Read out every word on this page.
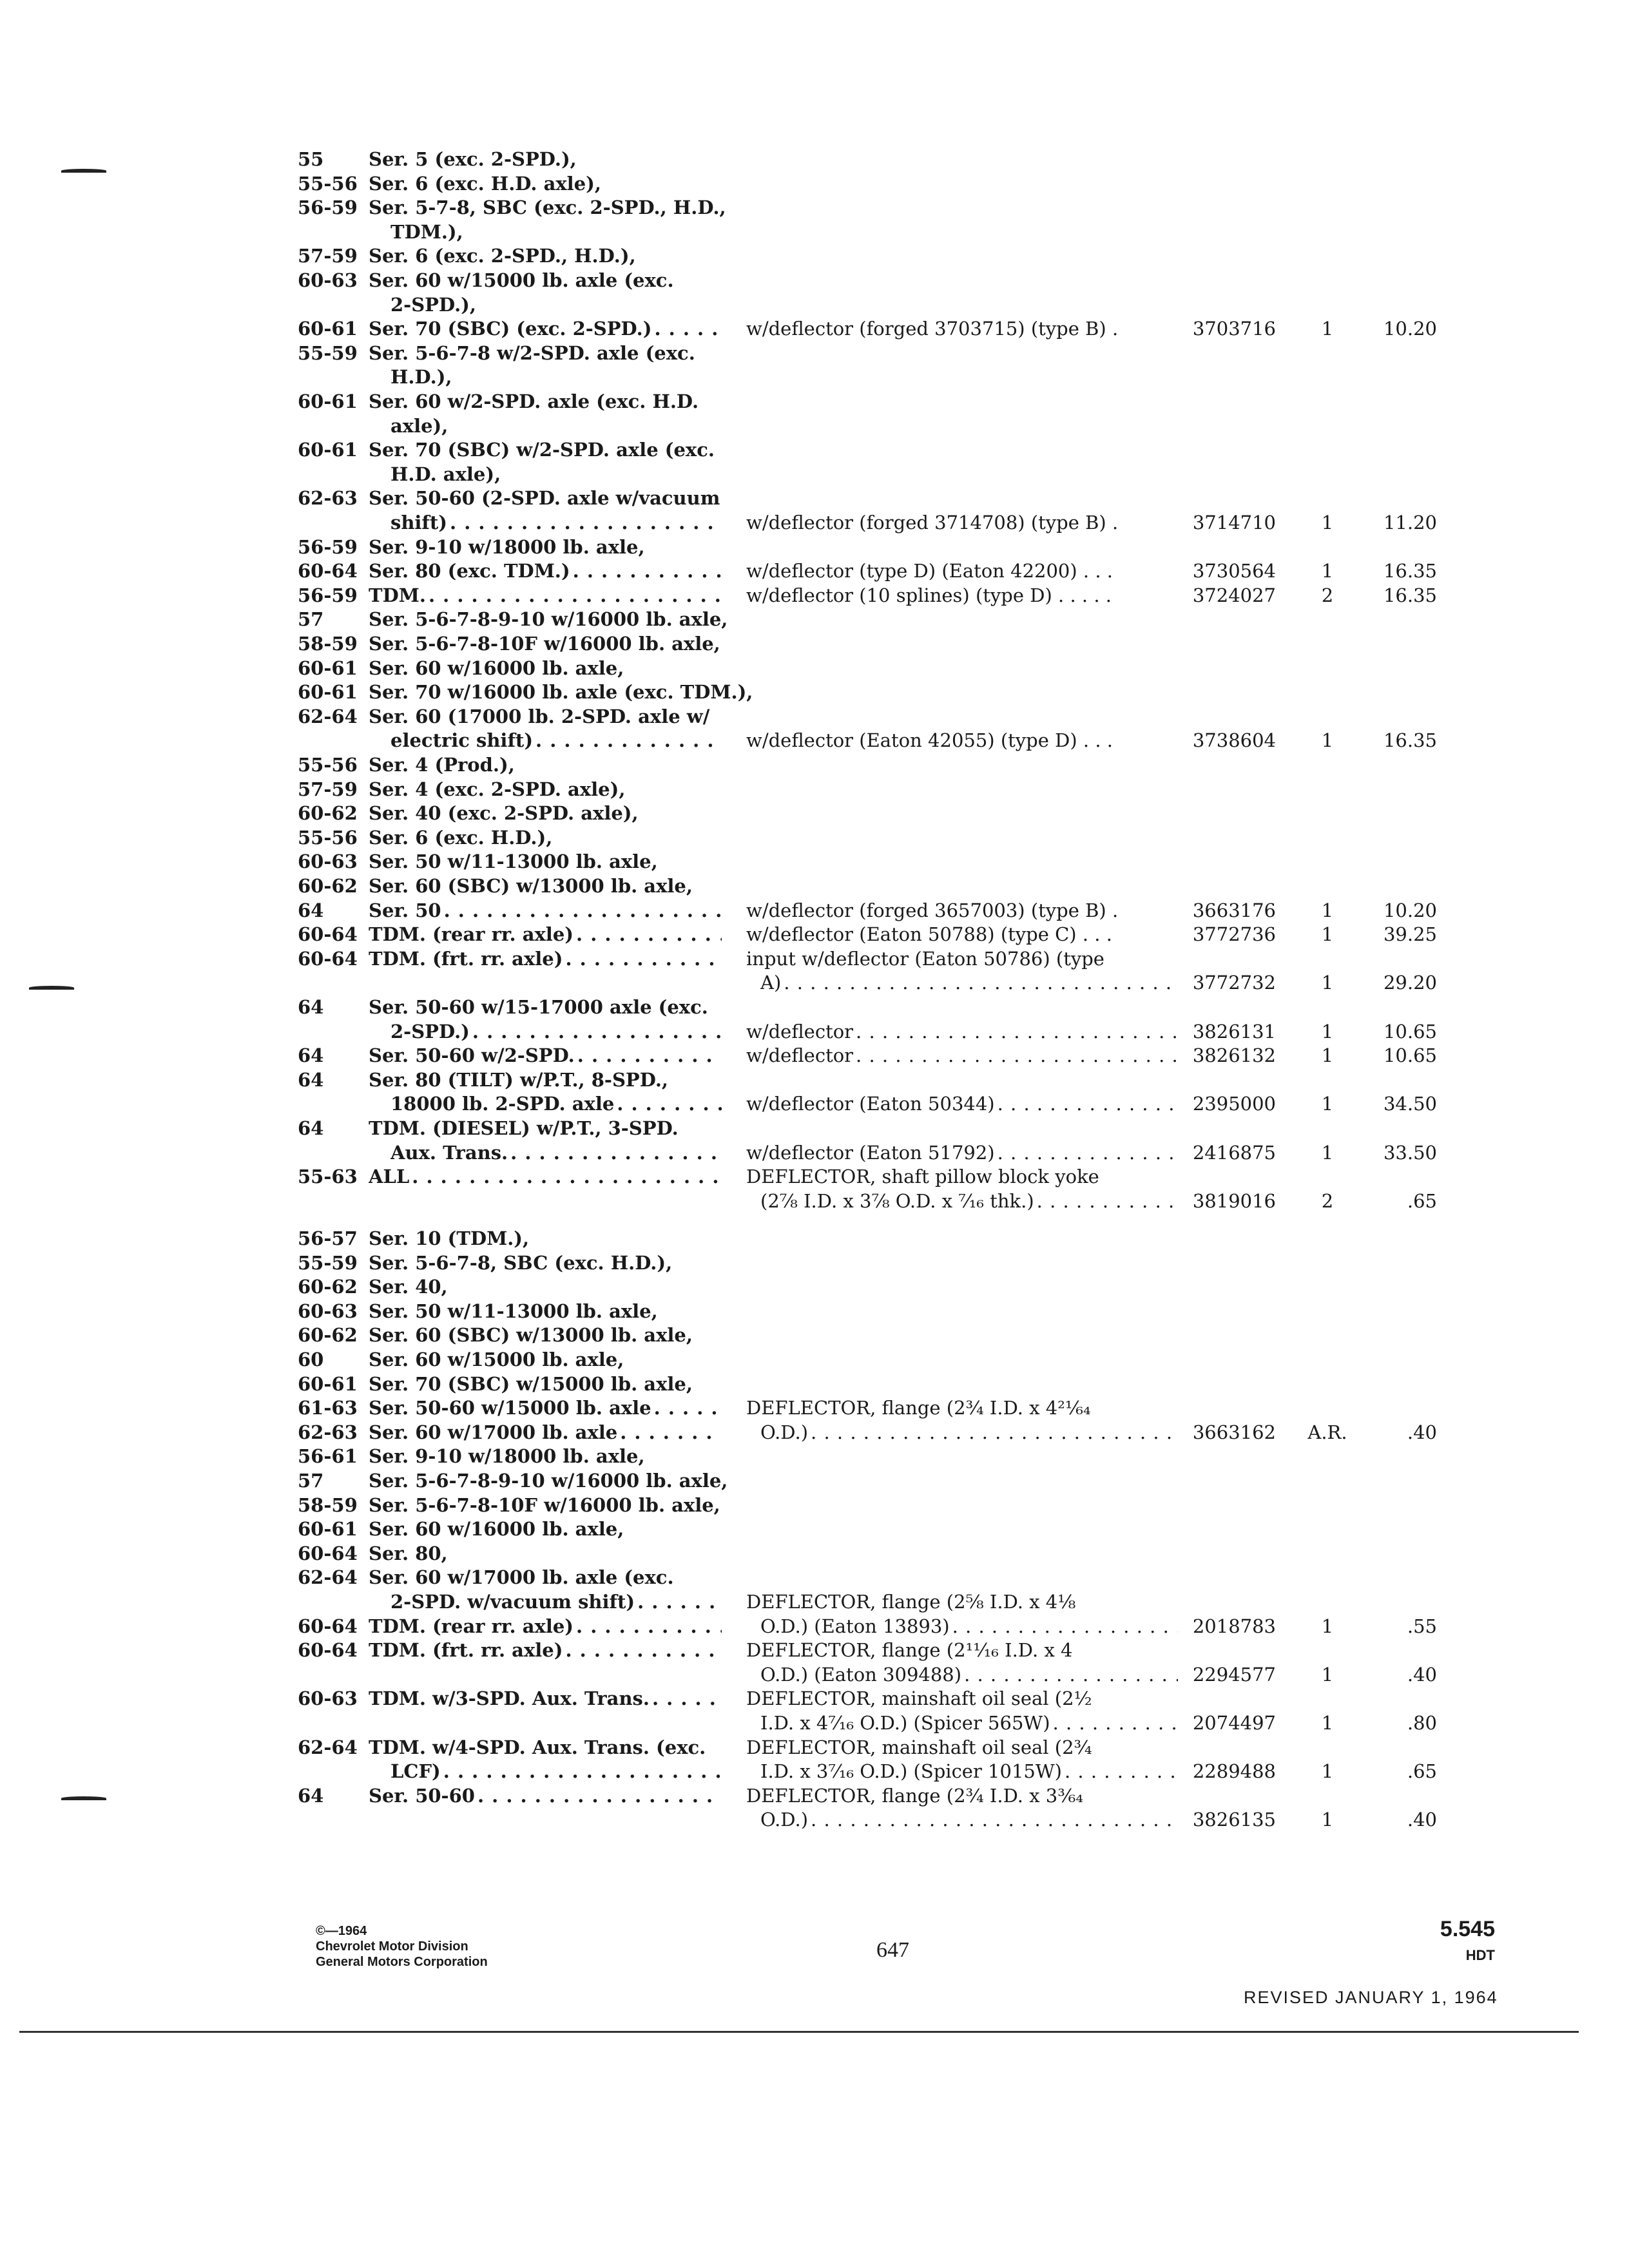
55	Ser. 5 (exc. 2-SPD.),
55-56 Ser. 6 (exc. H.D. axle),
56-59 Ser. 5-7-8, SBC (exc. 2-SPD., H.D.,
TDM.),
57-59 Ser. 6 (exc. 2-SPD., H.D.),
60-63 Ser. 60 w/15000 lb. axle (exc.
2-SPD.),
60-61 Ser. 70 (SBC) (exc. 2-SPD.) . . .	w/deflector (forged 3703715) (type B) .	3703716	1	10.20
55-59 Ser. 5-6-7-8 w/2-SPD. axle (exc.
H.D.),
60-61 Ser. 60 w/2-SPD. axle (exc. H.D.
axle),
60-61 Ser. 70 (SBC) w/2-SPD. axle (exc.
H.D. axle),
62-63 Ser. 50-60 (2-SPD. axle w/vacuum
shift) . . .	w/deflector (forged 3714708) (type B) .	3714710	1	11.20
56-59 Ser. 9-10 w/18000 lb. axle,
60-64 Ser. 80 (exc. TDM.) . . .	w/deflector (type D) (Eaton 42200) . . .	3730564	1	16.35
56-59 TDM. . . .	w/deflector (10 splines) (type D) . . . . .	3724027	2	16.35
57	Ser. 5-6-7-8-9-10 w/16000 lb. axle,
58-59 Ser. 5-6-7-8-10F w/16000 lb. axle,
60-61 Ser. 60 w/16000 lb. axle,
60-61 Ser. 70 w/16000 lb. axle (exc. TDM.),
62-64 Ser. 60 (17000 lb. 2-SPD. axle w/
electric shift) . . .	w/deflector (Eaton 42055) (type D) . . .	3738604	1	16.35
55-56 Ser. 4 (Prod.),
57-59 Ser. 4 (exc. 2-SPD. axle),
60-62 Ser. 40 (exc. 2-SPD. axle),
55-56 Ser. 6 (exc. H.D.),
60-63 Ser. 50 w/11-13000 lb. axle,
60-62 Ser. 60 (SBC) w/13000 lb. axle,
64	Ser. 50 . . .	w/deflector (forged 3657003) (type B) .	3663176	1	10.20
60-64 TDM. (rear rr. axle) . . .	w/deflector (Eaton 50788) (type C) . . .	3772736	1	39.25
60-64 TDM. (frt. rr. axle) . . .	input w/deflector (Eaton 50786) (type
A) . . .	3772732	1	29.20
64	Ser. 50-60 w/15-17000 axle (exc.
2-SPD.) . . .	w/deflector . . .	3826131	1	10.65
64	Ser. 50-60 w/2-SPD. . . .	w/deflector . . .	3826132	1	10.65
64	Ser. 80 (TILT) w/P.T., 8-SPD.,
18000 lb. 2-SPD. axle . . .	w/deflector (Eaton 50344) . . .	2395000	1	34.50
64	TDM. (DIESEL) w/P.T., 3-SPD.
Aux. Trans. . . .	w/deflector (Eaton 51792) . . .	2416875	1	33.50
55-63 ALL . . .	DEFLECTOR, shaft pillow block yoke
(2⅞ I.D. x 3⅞ O.D. x ⁷⁄₁₆ thk.) . . .	3819016	2	.65
56-57 Ser. 10 (TDM.),
55-59 Ser. 5-6-7-8, SBC (exc. H.D.),
60-62 Ser. 40,
60-63 Ser. 50 w/11-13000 lb. axle,
60-62 Ser. 60 (SBC) w/13000 lb. axle,
60	Ser. 60 w/15000 lb. axle,
60-61 Ser. 70 (SBC) w/15000 lb. axle,
61-63 Ser. 50-60 w/15000 lb. axle . . .	DEFLECTOR, flange (2¾ I.D. x 4²¹⁄₆₄
62-63 Ser. 60 w/17000 lb. axle . . .	O.D.) . . .	3663162	A.R.	.40
56-61 Ser. 9-10 w/18000 lb. axle,
57	Ser. 5-6-7-8-9-10 w/16000 lb. axle,
58-59 Ser. 5-6-7-8-10F w/16000 lb. axle,
60-61 Ser. 60 w/16000 lb. axle,
60-64 Ser. 80,
62-64 Ser. 60 w/17000 lb. axle (exc.
2-SPD. w/vacuum shift) . . .	DEFLECTOR, flange (2⅝ I.D. x 4⅛
60-64 TDM. (rear rr. axle) . . .	O.D.) (Eaton 13893) . . .	2018783	1	.55
60-64 TDM. (frt. rr. axle) . . .	DEFLECTOR, flange (2¹¹⁄₁₆ I.D. x 4
O.D.) (Eaton 309488) . . .	2294577	1	.40
60-63 TDM. w/3-SPD. Aux. Trans. . . .	DEFLECTOR, mainshaft oil seal (2½
I.D. x 4⁷⁄₁₆ O.D.) (Spicer 565W) . . .	2074497	1	.80
62-64 TDM. w/4-SPD. Aux. Trans. (exc.	DEFLECTOR, mainshaft oil seal (2¾
LCF) . . .	I.D. x 3⁷⁄₁₆ O.D.) (Spicer 1015W) . . .	2289488	1	.65
64	Ser. 50-60 . . .	DEFLECTOR, flange (2¾ I.D. x 3³⁄₆₄
O.D.) . . .	3826135	1	.40
©—1964
Chevrolet Motor Division
General Motors Corporation	647
5.545
HDT
REVISED JANUARY 1, 1964
